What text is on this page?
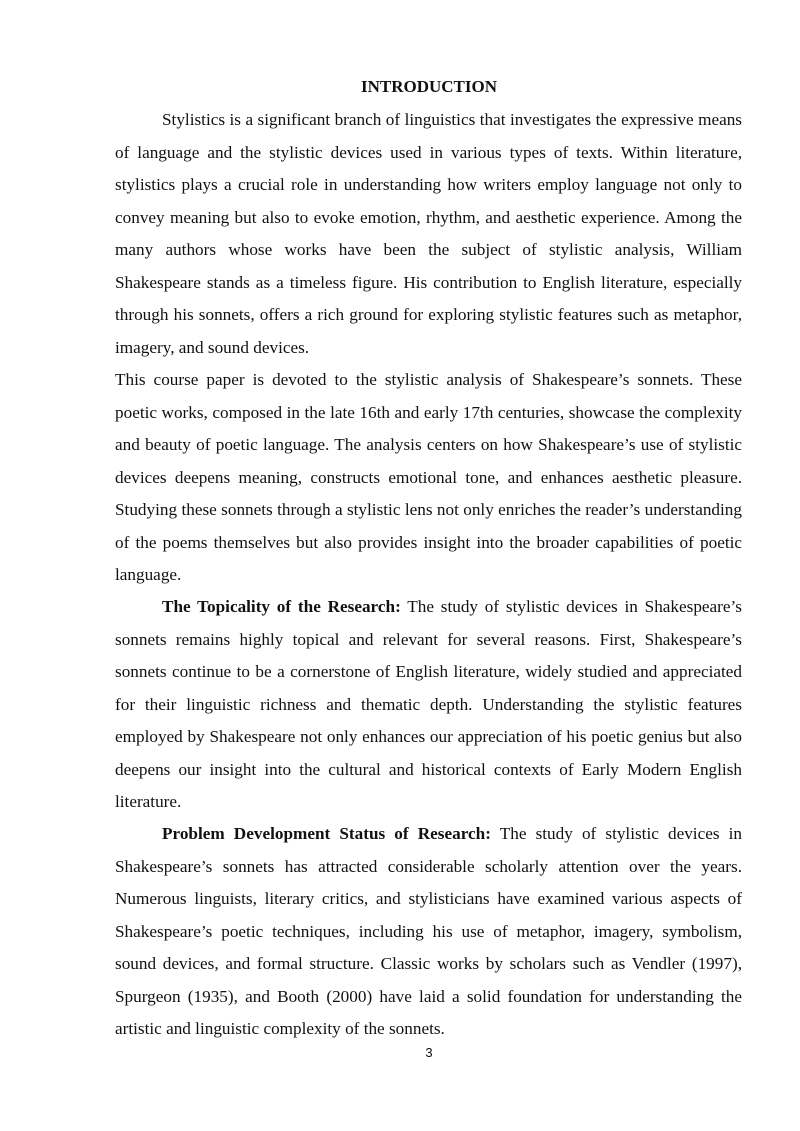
INTRODUCTION

Stylistics is a significant branch of linguistics that investigates the expressive means of language and the stylistic devices used in various types of texts. Within literature, stylistics plays a crucial role in understanding how writers employ language not only to convey meaning but also to evoke emotion, rhythm, and aesthetic experience. Among the many authors whose works have been the subject of stylistic analysis, William Shakespeare stands as a timeless figure. His contribution to English literature, especially through his sonnets, offers a rich ground for exploring stylistic features such as metaphor, imagery, and sound devices.

This course paper is devoted to the stylistic analysis of Shakespeare’s sonnets. These poetic works, composed in the late 16th and early 17th centuries, showcase the complexity and beauty of poetic language. The analysis centers on how Shakespeare’s use of stylistic devices deepens meaning, constructs emotional tone, and enhances aesthetic pleasure. Studying these sonnets through a stylistic lens not only enriches the reader’s understanding of the poems themselves but also provides insight into the broader capabilities of poetic language.

The Topicality of the Research: The study of stylistic devices in Shakespeare’s sonnets remains highly topical and relevant for several reasons. First, Shakespeare’s sonnets continue to be a cornerstone of English literature, widely studied and appreciated for their linguistic richness and thematic depth. Understanding the stylistic features employed by Shakespeare not only enhances our appreciation of his poetic genius but also deepens our insight into the cultural and historical contexts of Early Modern English literature.

Problem Development Status of Research: The study of stylistic devices in Shakespeare’s sonnets has attracted considerable scholarly attention over the years. Numerous linguists, literary critics, and stylisticians have examined various aspects of Shakespeare’s poetic techniques, including his use of metaphor, imagery, symbolism, sound devices, and formal structure. Classic works by scholars such as Vendler (1997), Spurgeon (1935), and Booth (2000) have laid a solid foundation for understanding the artistic and linguistic complexity of the sonnets.

3
